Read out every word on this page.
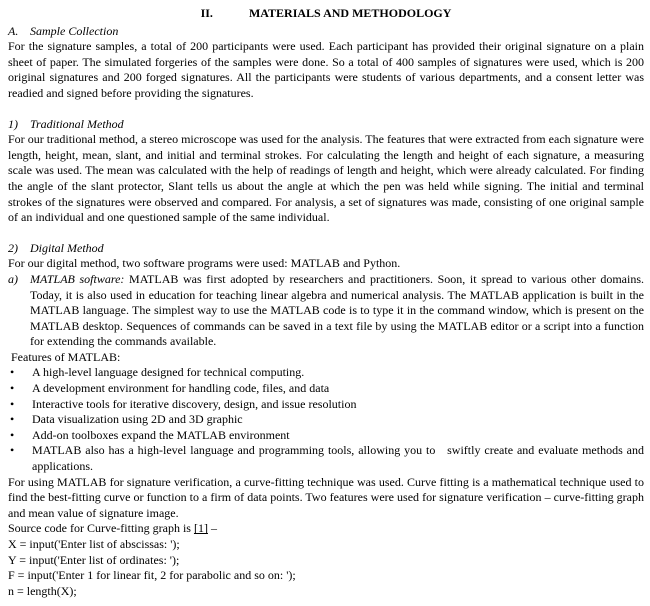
II.	MATERIALS AND METHODOLOGY
A. Sample Collection

For the signature samples, a total of 200 participants were used. Each participant has provided their original signature on a plain sheet of paper. The simulated forgeries of the samples were done. So a total of 400 samples of signatures were used, which is 200 original signatures and 200 forged signatures. All the participants were students of various departments, and a consent letter was readied and signed before providing the signatures.

1) Traditional Method

For our traditional method, a stereo microscope was used for the analysis. The features that were extracted from each signature were length, height, mean, slant, and initial and terminal strokes. For calculating the length and height of each signature, a measuring scale was used. The mean was calculated with the help of readings of length and height, which were already calculated. For finding the angle of the slant protector, Slant tells us about the angle at which the pen was held while signing. The initial and terminal strokes of the signatures were observed and compared. For analysis, a set of signatures was made, consisting of one original sample of an individual and one questioned sample of the same individual.

2) Digital Method

For our digital method, two software programs were used: MATLAB and Python.

a)	MATLAB software: MATLAB was first adopted by researchers and practitioners. Soon, it spread to various other domains. Today, it is also used in education for teaching linear algebra and numerical analysis. The MATLAB application is built in the MATLAB language. The simplest way to use the MATLAB code is to type it in the command window, which is present on the MATLAB desktop. Sequences of commands can be saved in a text file by using the MATLAB editor or a script into a function for extending the commands available.

Features of MATLAB:

•	A high-level language designed for technical computing.
•	A development environment for handling code, files, and data
•	Interactive tools for iterative discovery, design, and issue resolution
•	Data visualization using 2D and 3D graphic
•	Add-on toolboxes expand the MATLAB environment
•	MATLAB also has a high-level language and programming tools, allowing you to   swiftly create and evaluate methods and applications.

For using MATLAB for signature verification, a curve-fitting technique was used. Curve fitting is a mathematical technique used to find the best-fitting curve or function to a firm of data points. Two features were used for signature verification – curve-fitting graph and mean value of signature image.

Source code for Curve-fitting graph is [1] –

X = input('Enter list of abscissas: ');

Y = input('Enter list of ordinates: ');

F = input('Enter 1 for linear fit, 2 for parabolic and so on: ');

n = length(X);
